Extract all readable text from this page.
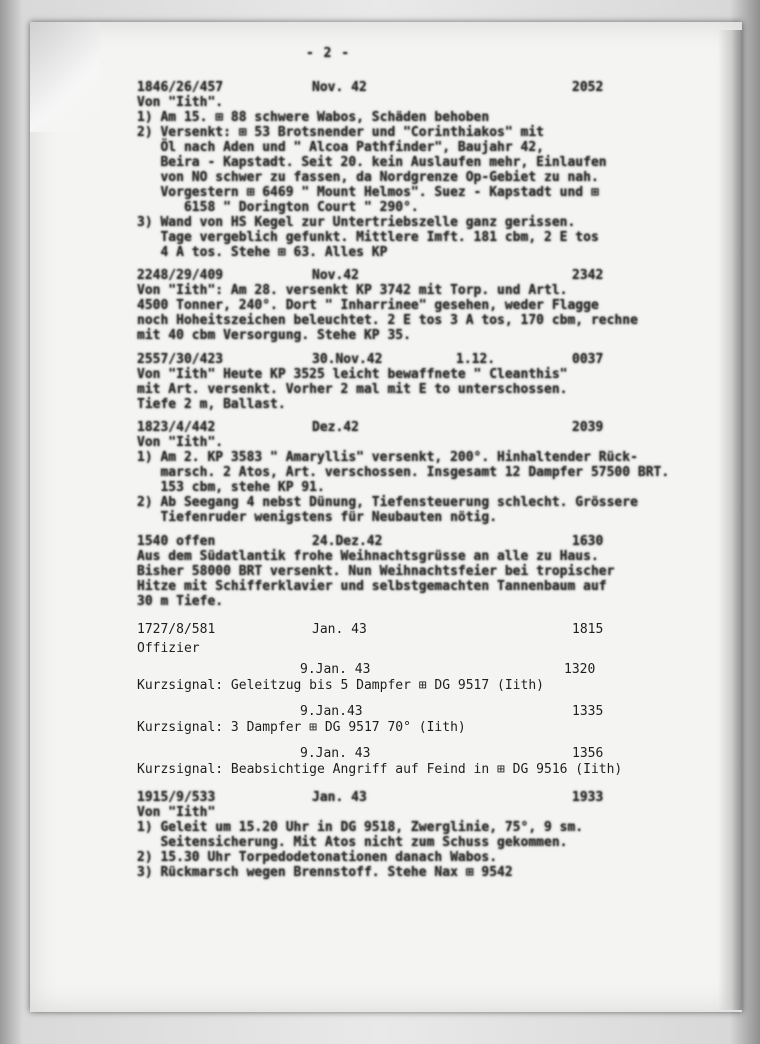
- 2 -
1846/26/457	Nov. 42	2052
Von "Iith".
1) Am 15. ⊞ 88 schwere Wabos, Schäden behoben
2) Versenkt: ⊞ 53 Brotsnender und "Corinthiakos" mit
Öl nach Aden und " Alcoa Pathfinder", Baujahr 42,
Beira - Kapstadt. Seit 20. kein Auslaufen mehr, Einlaufen
von NO schwer zu fassen, da Nordgrenze Op-Gebiet zu nah.
Vorgestern ⊞ 6469 " Mount Helmos". Suez - Kapstadt und ⊞
6158 " Dorington Court " 290°.
3) Wand von HS Kegel zur Untertriebszelle ganz gerissen.
Tage vergeblich gefunkt. Mittlere Imft. 181 cbm, 2 E tos
4 A tos. Stehe ⊞ 63. Alles KP
2248/29/409	Nov.42	2342
Von "Iith": Am 28. versenkt KP 3742 mit Torp. und Artl.
4500 Tonner, 240°. Dort " Inharrinee" gesehen, weder Flagge
noch Hoheitszeichen beleuchtet. 2 E tos 3 A tos, 170 cbm, rechne
mit 40 cbm Versorgung. Stehe KP 35.
2557/30/423	30.Nov.42	1.12.	0037
Von "Iith" Heute KP 3525 leicht bewaffnete " Cleanthis"
mit Art. versenkt. Vorher 2 mal mit E to unterschossen.
Tiefe 2 m, Ballast.
1823/4/442	Dez.42	2039
Von "Iith".
1) Am 2. KP 3583 " Amaryllis" versenkt, 200°. Hinhaltender Rück-
marsch. 2 Atos, Art. verschossen. Insgesamt 12 Dampfer 57500 BRT.
153 cbm, stehe KP 91.
2) Ab Seegang 4 nebst Dünung, Tiefensteuerung schlecht. Grössere
Tiefenruder wenigstens für Neubauten nötig.
1540 offen	24.Dez.42	1630
Aus dem Südatlantik frohe Weihnachtsgrüsse an alle zu Haus.
Bisher 58000 BRT versenkt. Nun Weihnachtsfeier bei tropischer
Hitze mit Schifferklavier und selbstgemachten Tannenbaum auf
30 m Tiefe.
1727/8/581	Jan. 43	1815
Offizier
9.Jan. 43	1320
Kurzsignal: Geleitzug bis 5 Dampfer ⊞ DG 9517 (Iith)
9.Jan.43	1335
Kurzsignal: 3 Dampfer ⊞ DG 9517 70° (Iith)
9.Jan. 43	1356
Kurzsignal: Beabsichtige Angriff auf Feind in ⊞ DG 9516 (Iith)
1915/9/533	Jan. 43	1933
Von "Iith"
1) Geleit um 15.20 Uhr in DG 9518, Zwergliniе, 75°, 9 sm.
Seitensicherung. Mit Atos nicht zum Schuss gekommen.
2) 15.30 Uhr Torpedodetonationen danach Wabos.
3) Rückmarsch wegen Brennstoff. Stehe Nax ⊞ 9542
